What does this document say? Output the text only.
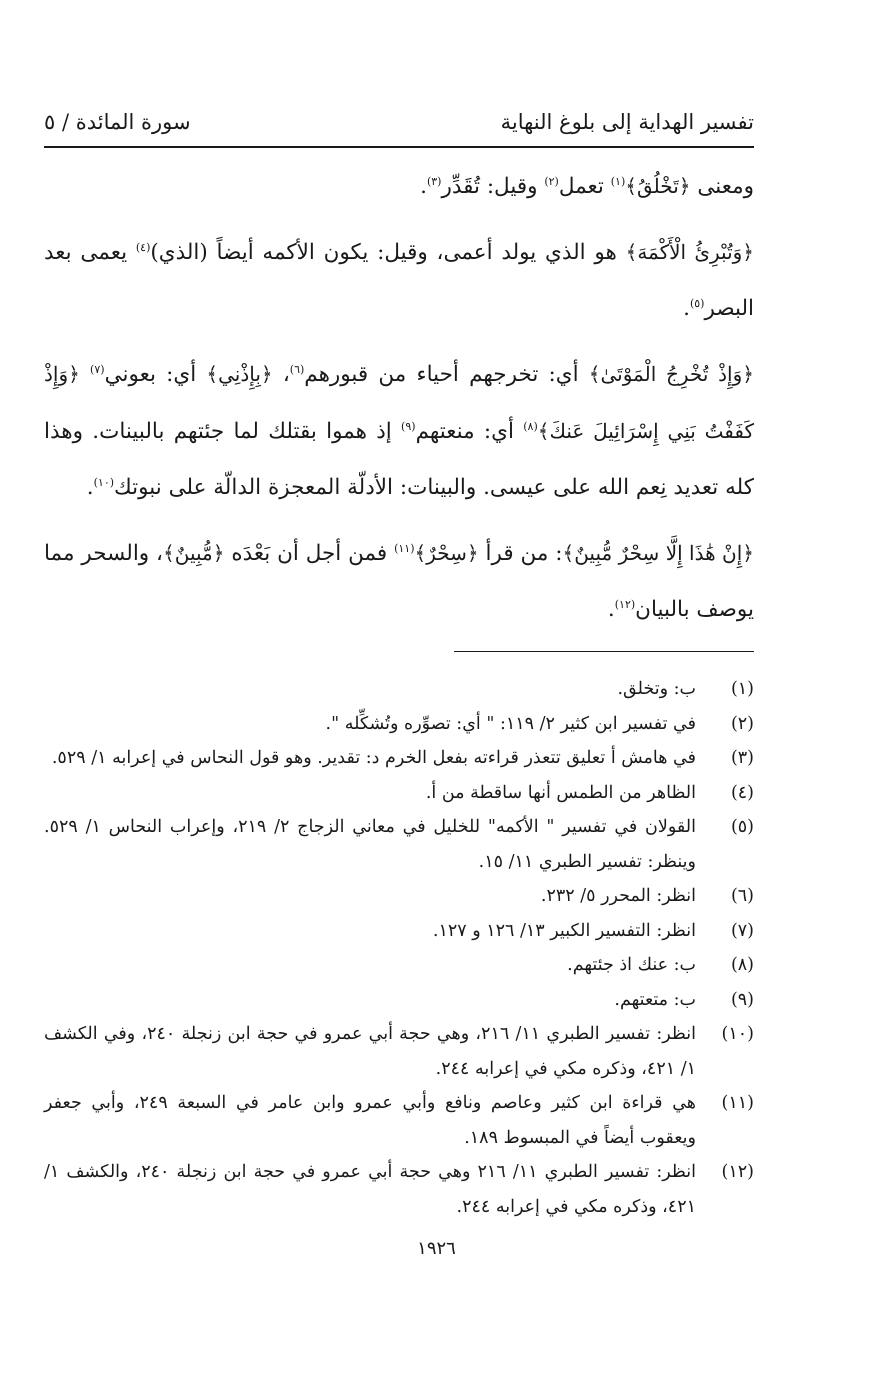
تفسير الهداية إلى بلوغ النهاية
سورة المائدة / ٥

ومعنى ﴿تَخْلُقُ﴾$^{(١)}$ تعمل$^{(٢)}$ وقيل: تُقَدِّر$^{(٣)}$.

﴿وَتُبْرِئُ الْأَكْمَهَ﴾ هو الذي يولد أعمى، وقيل: يكون الأكمه أيضاً (الذي)$^{(٤)}$ يعمى بعد البصر$^{(٥)}$.

﴿وَإِذْ تُخْرِجُ الْمَوْتَىٰ﴾ أي: تخرجهم أحياء من قبورهم$^{(٦)}$، ﴿بِإِذْنِي﴾ أي: بعوني$^{(٧)}$ ﴿وَإِذْ كَفَفْتُ بَنِي إِسْرَائِيلَ عَنكَ﴾$^{(٨)}$ أي: منعتهم$^{(٩)}$ إذ هموا بقتلك لما جئتهم بالبينات. وهذا كله تعديد نِعم الله على عيسى. والبينات: الأدلّة المعجزة الدالّة على نبوتك$^{(١٠)}$.

﴿إِنْ هَٰذَا إِلَّا سِحْرٌ مُّبِينٌ﴾: من قرأ ﴿سِحْرٌ﴾$^{(١١)}$ فمن أجل أن بَعْدَه ﴿مُّبِينٌ﴾، والسحر مما يوصف بالبيان$^{(١٢)}$.

(١)
ب: وتخلق.
(٢)
في تفسير ابن كثير ٢/ ١١٩: " أي: تصوِّره وتُشكِّله ".
(٣)
في هامش أ تعليق تتعذر قراءته بفعل الخرم د: تقدير. وهو قول النحاس في إعرابه ١/ ٥٢٩.
(٤)
الظاهر من الطمس أنها ساقطة من أ.
(٥)
القولان في تفسير " الأكمه" للخليل في معاني الزجاج ٢/ ٢١٩، وإعراب النحاس ١/ ٥٢٩. وينظر: تفسير الطبري ١١/ ١٥.
(٦)
انظر: المحرر ٥/ ٢٣٢.
(٧)
انظر: التفسير الكبير ١٣/ ١٢٦ و ١٢٧.
(٨)
ب: عنك اذ جئتهم.
(٩)
ب: متعتهم.
(١٠)
انظر: تفسير الطبري ١١/ ٢١٦، وهي حجة أبي عمرو في حجة ابن زنجلة ٢٤٠، وفي الكشف ١/ ٤٢١، وذكره مكي في إعرابه ٢٤٤.
(١١)
هي قراءة ابن كثير وعاصم ونافع وأبي عمرو وابن عامر في السبعة ٢٤٩، وأبي جعفر ويعقوب أيضاً في المبسوط ١٨٩.
(١٢)
انظر: تفسير الطبري ١١/ ٢١٦ وهي حجة أبي عمرو في حجة ابن زنجلة ٢٤٠، والكشف ١/ ٤٢١، وذكره مكي في إعرابه ٢٤٤.
١٩٢٦
